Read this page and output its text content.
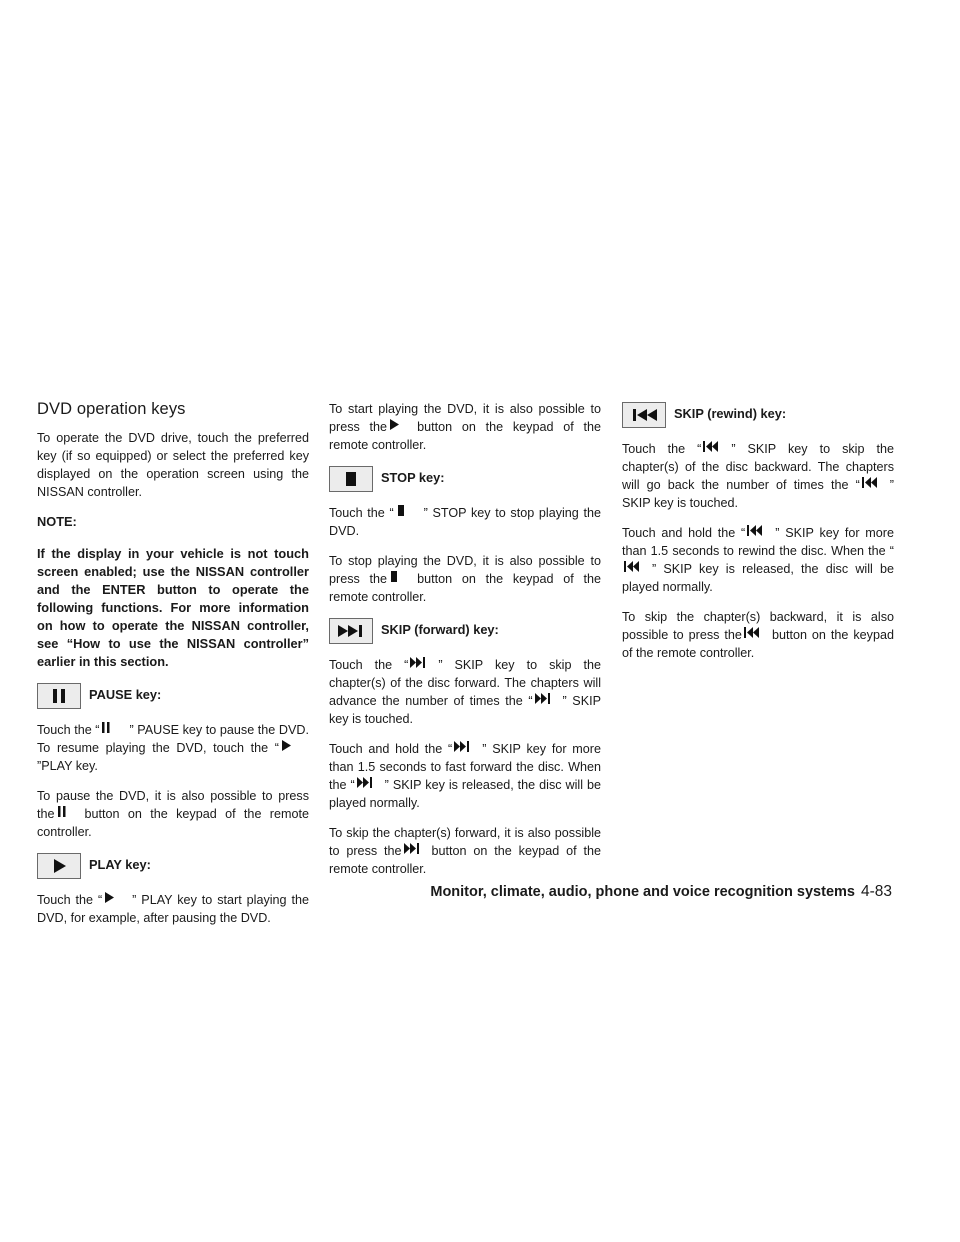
DVD operation keys

To operate the DVD drive, touch the preferred key (if so equipped) or select the preferred key displayed on the operation screen using the NISSAN controller.

NOTE:

If the display in your vehicle is not touch screen enabled; use the NISSAN controller and the ENTER button to operate the following functions. For more information on how to operate the NISSAN controller, see “How to use the NISSAN controller” earlier in this section.

PAUSE key:

Touch the “ ” PAUSE key to pause the DVD. To resume playing the DVD, touch the “
”PLAY key.

To pause the DVD, it is also possible to press the button on the keypad of the remote controller.

PLAY key:

Touch the “ ” PLAY key to start playing the DVD, for example, after pausing the DVD.

To start playing the DVD, it is also possible to press the button on the keypad of the remote controller.

STOP key:

Touch the “ ” STOP key to stop playing the DVD.

To stop playing the DVD, it is also possible to press the button on the keypad of the remote controller.

SKIP (forward) key:

Touch the “ ” SKIP key to skip the chapter(s) of the disc forward. The chapters will advance the number of times the “ ” SKIP key is touched.

Touch and hold the “ ” SKIP key for more than 1.5 seconds to fast forward the disc. When the “ ” SKIP key is released, the disc will be played normally.

To skip the chapter(s) forward, it is also possible to press the button on the keypad of the remote controller.

SKIP (rewind) key:

Touch the “ ” SKIP key to skip the chapter(s) of the disc backward. The chapters will go back the number of times the “ ” SKIP key is touched.

Touch and hold the “ ” SKIP key for more than 1.5 seconds to rewind the disc. When the “
” SKIP key is released, the disc will be played normally.

To skip the chapter(s) backward, it is also possible to press the button on the keypad of the remote controller.

Monitor, climate, audio, phone and voice recognition systems 4-83
